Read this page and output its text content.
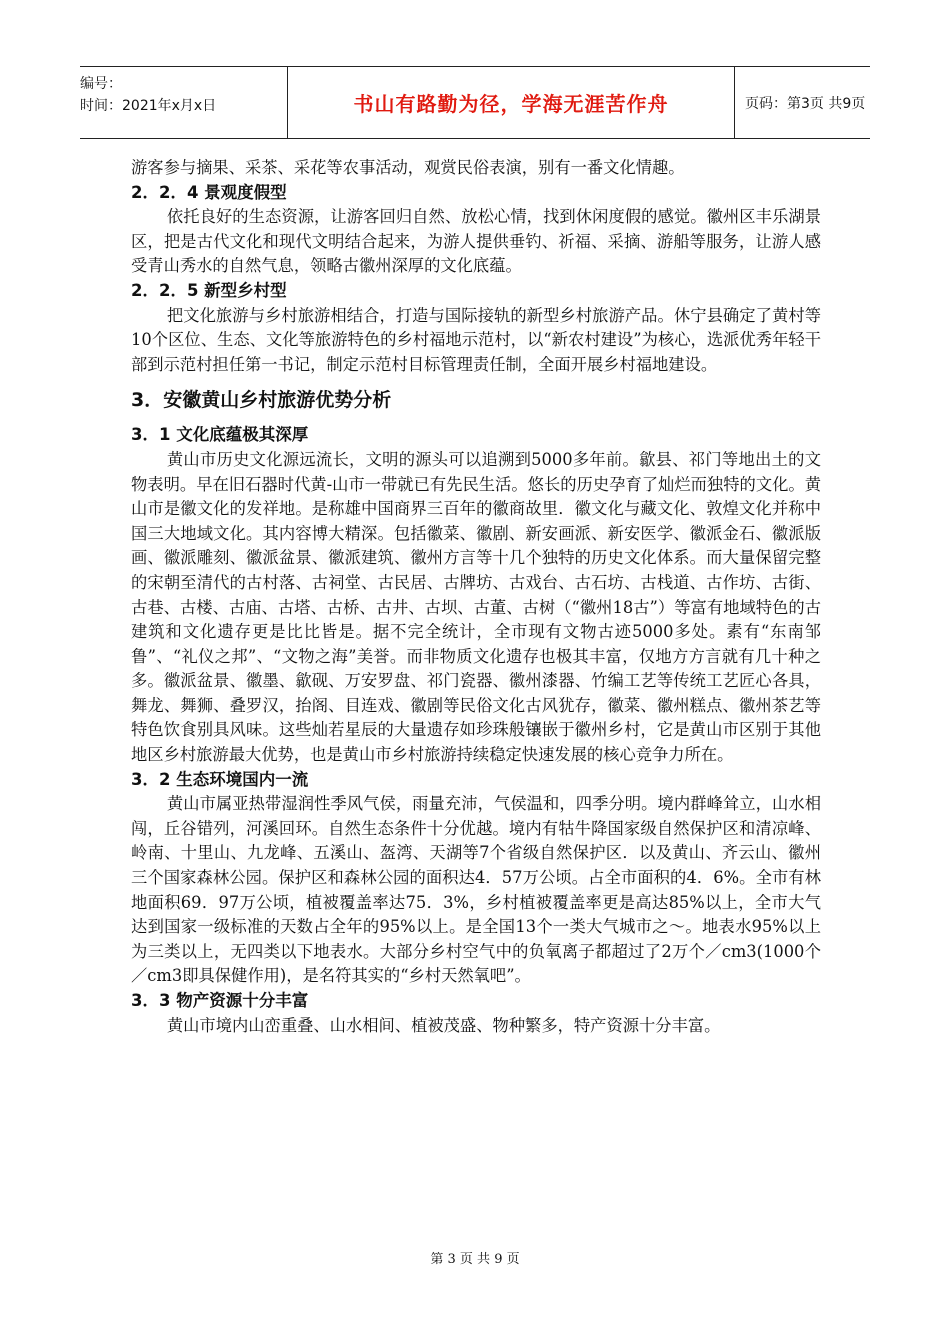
编号：
时间：2021年x月x日	书山有路勤为径，学海无涯苦作舟	页码：第3页 共9页

游客参与摘果、采茶、采花等农事活动，观赏民俗表演，别有一番文化情趣。

2．2．4 景观度假型

依托良好的生态资源，让游客回归自然、放松心情，找到休闲度假的感觉。徽州区丰乐湖景区，把是古代文化和现代文明结合起来，为游人提供垂钓、祈福、采摘、游船等服务，让游人感受青山秀水的自然气息，领略古徽州深厚的文化底蕴。

2．2．5 新型乡村型

把文化旅游与乡村旅游相结合，打造与国际接轨的新型乡村旅游产品。休宁县确定了黄村等10个区位、生态、文化等旅游特色的乡村福地示范村，以“新农村建设”为核心，选派优秀年轻干部到示范村担任第一书记，制定示范村目标管理责任制，全面开展乡村福地建设。

3．安徽黄山乡村旅游优势分析

3．1 文化底蕴极其深厚

黄山市历史文化源远流长，文明的源头可以追溯到5000多年前。歙县、祁门等地出土的文物表明。早在旧石器时代黄-山市一带就已有先民生活。悠长的历史孕育了灿烂而独特的文化。黄山市是徽文化的发祥地。是称雄中国商界三百年的徽商故里．徽文化与藏文化、敦煌文化并称中国三大地域文化。其内容博大精深。包括徽菜、徽剧、新安画派、新安医学、徽派金石、徽派版画、徽派雕刻、徽派盆景、徽派建筑、徽州方言等十几个独特的历史文化体系。而大量保留完整的宋朝至清代的古村落、古祠堂、古民居、古牌坊、古戏台、古石坊、古栈道、古作坊、古街、古巷、古楼、古庙、古塔、古桥、古井、古坝、古董、古树（“徽州18古”）等富有地域特色的古建筑和文化遗存更是比比皆是。据不完全统计，全市现有文物古迹5000多处。素有“东南邹鲁”、“礼仪之邦”、“文物之海”美誉。而非物质文化遗存也极其丰富，仅地方方言就有几十种之多。徽派盆景、徽墨、歙砚、万安罗盘、祁门瓷器、徽州漆器、竹编工艺等传统工艺匠心各具，舞龙、舞狮、叠罗汉，抬阁、目连戏、徽剧等民俗文化古风犹存，徽菜、徽州糕点、徽州茶艺等特色饮食别具风味。这些灿若星辰的大量遗存如珍珠般镶嵌于徽州乡村，它是黄山市区别于其他地区乡村旅游最大优势，也是黄山市乡村旅游持续稳定快速发展的核心竞争力所在。

3．2 生态环境国内一流

黄山市属亚热带湿润性季风气侯，雨量充沛，气侯温和，四季分明。境内群峰耸立，山水相闯，丘谷错列，河溪回环。自然生态条件十分优越。境内有牯牛降国家级自然保护区和清凉峰、岭南、十里山、九龙峰、五溪山、盔湾、天湖等7个省级自然保护区．以及黄山、齐云山、徽州三个国家森林公园。保护区和森林公园的面积达4．57万公顷。占全市面积的4．6%。全市有林地面积69．97万公顷，植被覆盖率达75．3%，乡村植被覆盖率更是高达85%以上，全市大气达到国家一级标准的天数占全年的95%以上。是全国13个一类大气城市之～。地表水95%以上为三类以上，无四类以下地表水。大部分乡村空气中的负氧离子都超过了2万个／cm3(1000个／cm3即具保健作用)，是名符其实的“乡村天然氧吧”。

3．3 物产资源十分丰富

黄山市境内山峦重叠、山水相间、植被茂盛、物种繁多，特产资源十分丰富。

第 3 页 共 9 页
